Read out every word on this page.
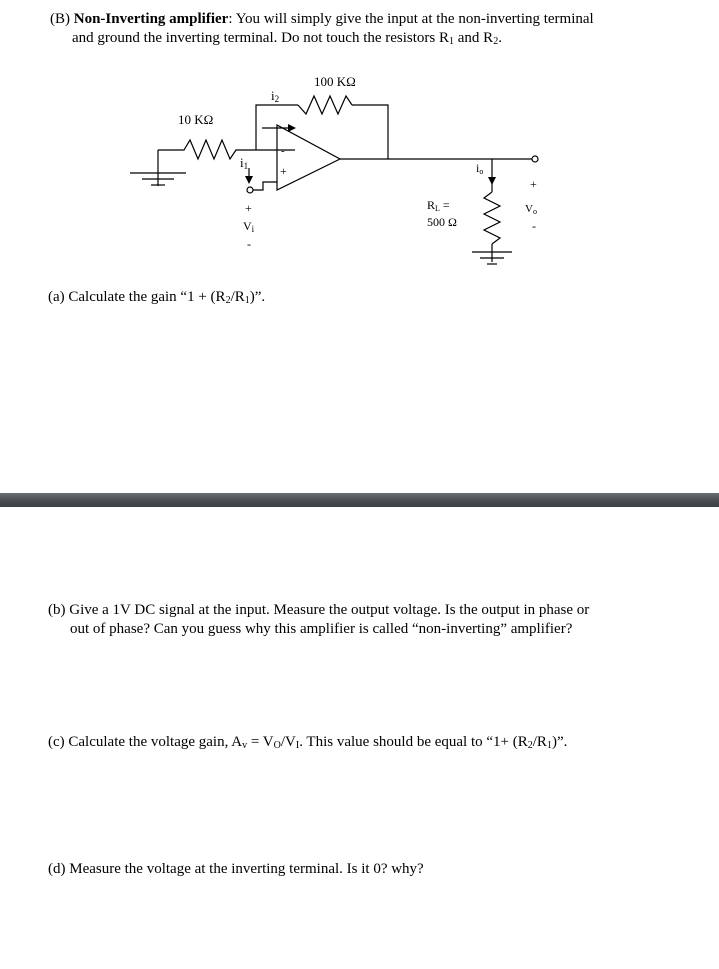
(B) Non-Inverting amplifier: You will simply give the input at the non-inverting terminal
and ground the inverting terminal. Do not touch the resistors $R_1$ and $R_2$.

10 KΩ
100 KΩ
i2
-
+
i1
+
Vi
-
io
RL =
500 Ω
+
Vo
-

(a) Calculate the gain “$1 + (R_2/R_1)$”.

(b) Give a 1V DC signal at the input. Measure the output voltage. Is the output in phase or
out of phase? Can you guess why this amplifier is called “non-inverting” amplifier?

(c) Calculate the voltage gain, $A_v = V_O/V_I$. This value should be equal to “$1+ (R_2/R_1)$”.

(d) Measure the voltage at the inverting terminal. Is it 0? why?
